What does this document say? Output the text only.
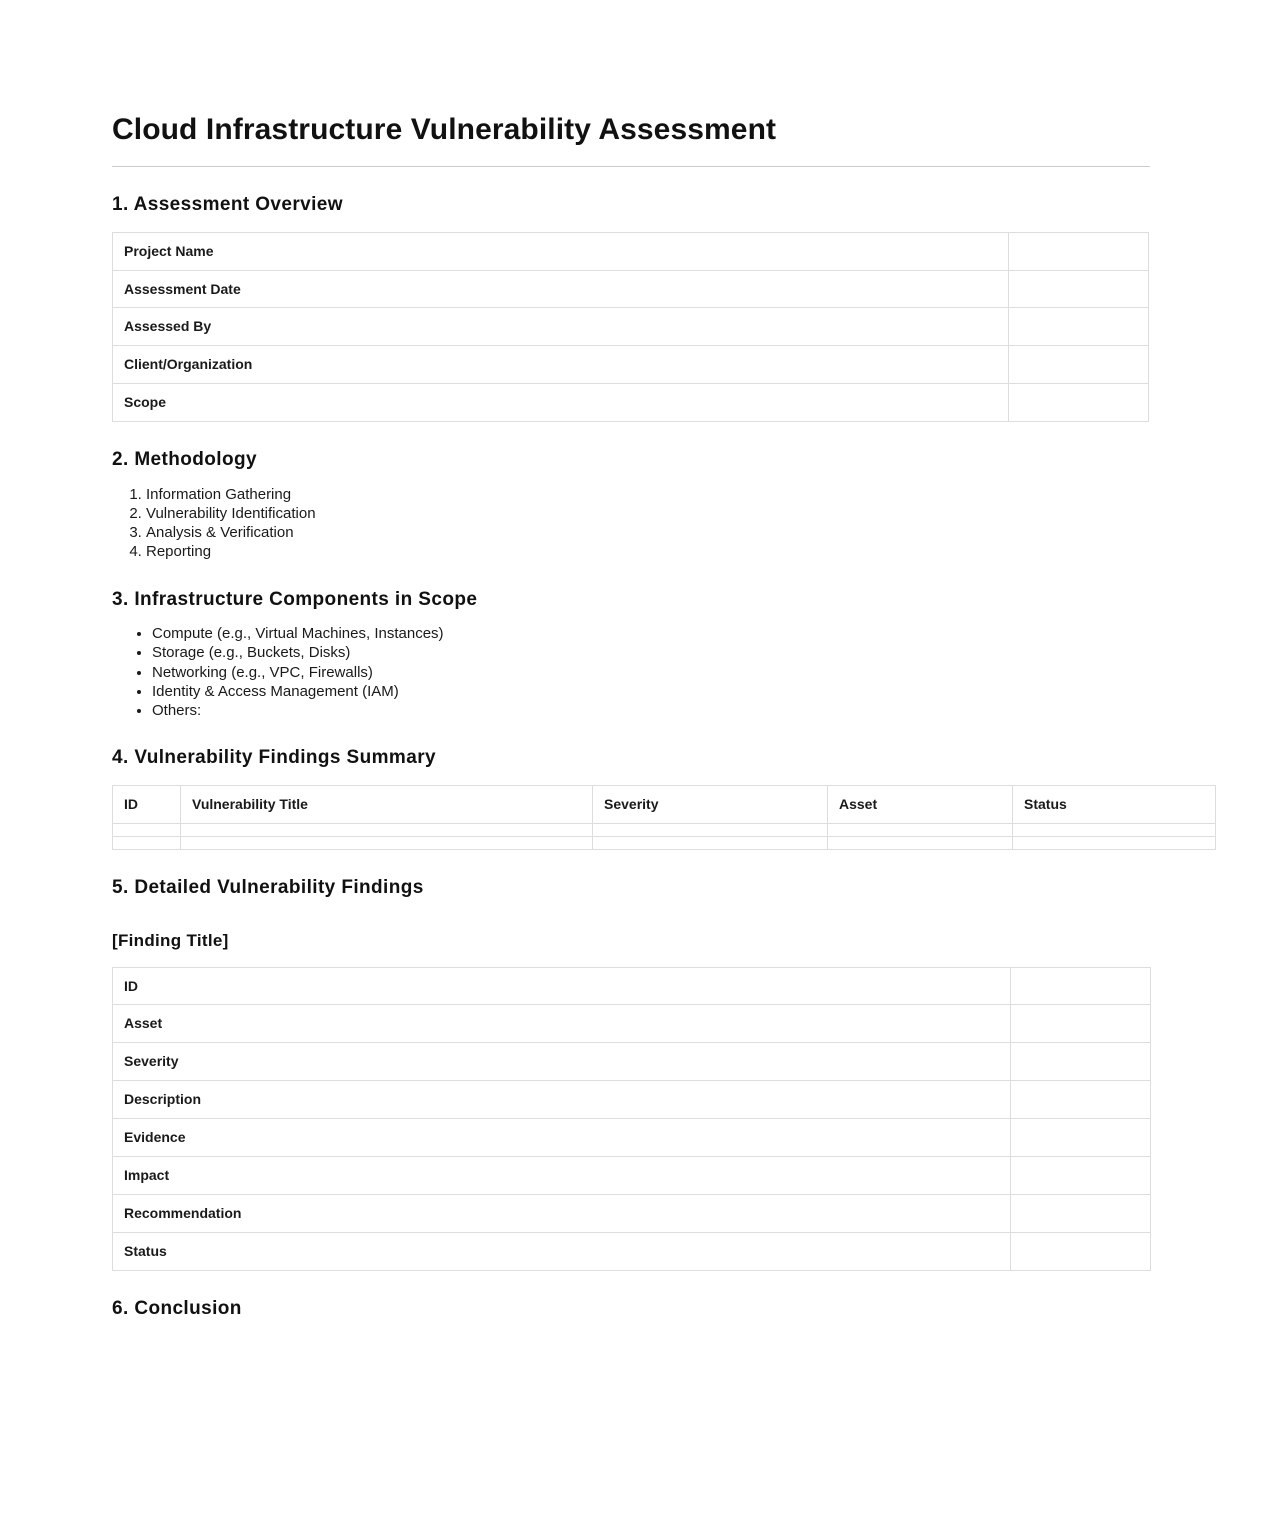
Cloud Infrastructure Vulnerability Assessment
1. Assessment Overview
Project Name	
Assessment Date	
Assessed By	
Client/Organization	
Scope	
2. Methodology
1. Information Gathering
2. Vulnerability Identification
3. Analysis & Verification
4. Reporting
3. Infrastructure Components in Scope
• Compute (e.g., Virtual Machines, Instances)
• Storage (e.g., Buckets, Disks)
• Networking (e.g., VPC, Firewalls)
• Identity & Access Management (IAM)
• Others:
4. Vulnerability Findings Summary
ID	Vulnerability Title	Severity	Asset	Status

5. Detailed Vulnerability Findings
[Finding Title]
ID	
Asset	
Severity	
Description	
Evidence	
Impact	
Recommendation	
Status	
6. Conclusion
